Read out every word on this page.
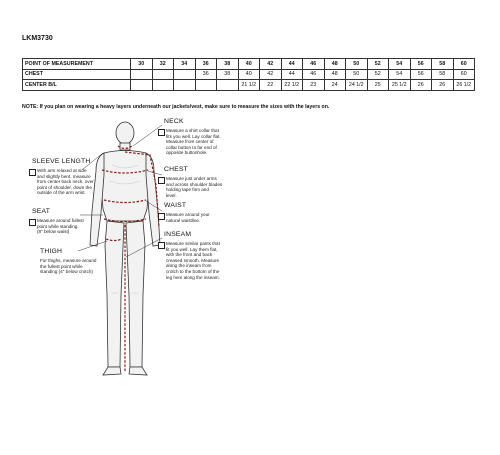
LKM3730
POINT OF MEASUREMENT	30	32	34	36	38	40	42	44	46	48	50	52	54	56	58	60
CHEST				36	38	40	42	44	46	48	50	52	54	56	58	60
CENTER B/L						21 1/2	22	22 1/2	23	24	24 1/2	25	25 1/2	26	26	26 1/2
NOTE: If you plan on wearing a heavy layers underneath our jackets/vest, make sure to measure the sizes with the layers on.
NECK
Measure a shirt collar that
fits you well. Lay collar flat.
Measure from center of
collar button to far end of
opposite buttonhole.
CHEST
Measure just under arms
and across shoulder blades
holding tape firm and
level.
WAIST
Measure around your
natural waistline.
INSEAM
Measure similar pants that
fit you well. Lay them flat,
with the front and back
creased smooth. Measure
along the inseam from
crotch to the bottom of the
leg hem along the inseam.
SLEEVE LENGTH
With arm relaxed at side
and slightly bent, measure
from center back neck, over
point of shoulder, down the
outside of the arm wrist.
SEAT
Measure around fullest
point while standing.
(8" below waist)
THIGH
For thighs, measure around
the fullest point while
standing (4" below crotch)
